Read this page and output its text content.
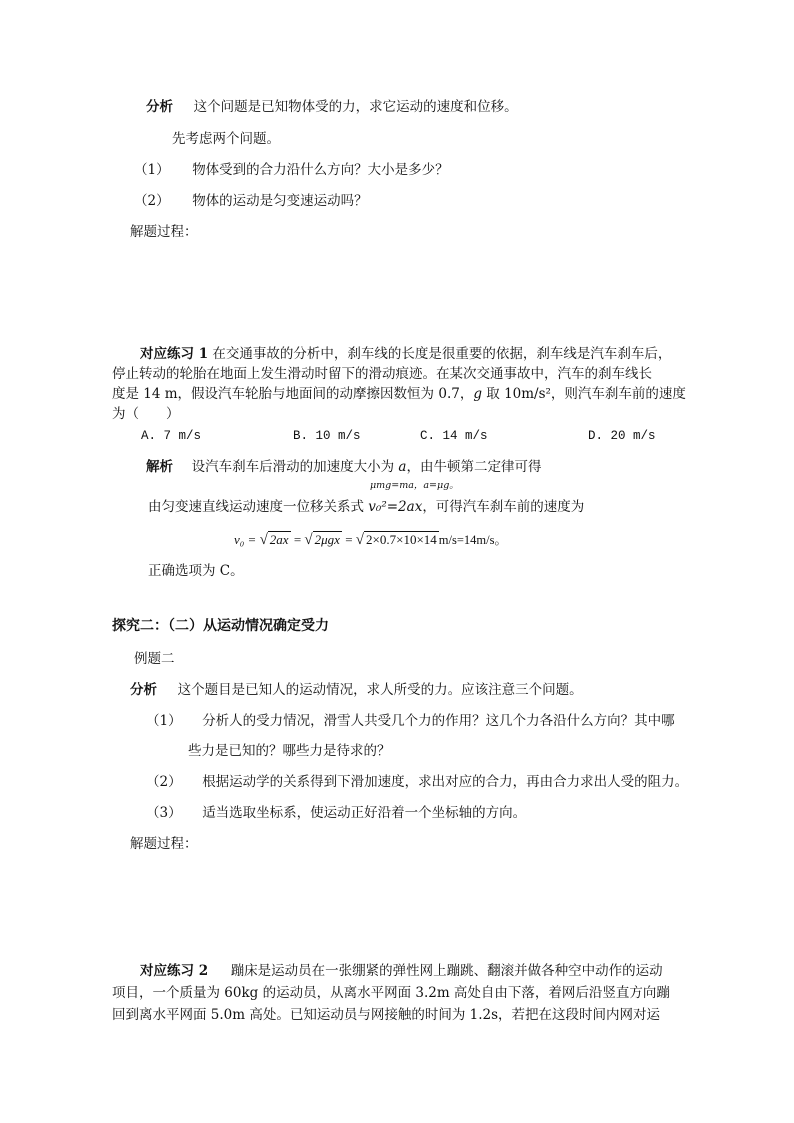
分析 这个问题是已知物体受的力，求它运动的速度和位移。
先考虑两个问题。
（1） 物体受到的合力沿什么方向？大小是多少？
（2） 物体的运动是匀变速运动吗？
解题过程：
对应练习 1 在交通事故的分析中，刹车线的长度是很重要的依据，刹车线是汽车刹车后，
停止转动的轮胎在地面上发生滑动时留下的滑动痕迹。在某次交通事故中，汽车的刹车线长
度是 14 m，假设汽车轮胎与地面间的动摩擦因数恒为 0.7，g 取 10m/s²，则汽车刹车前的速度
为（　　）
A. 7 m/s	B. 10 m/s	C. 14 m/s	D. 20 m/s
解析 设汽车刹车后滑动的加速度大小为 a，由牛顿第二定律可得
μmg=ma，a=μg。
由匀变速直线运动速度一位移关系式 v₀²=2ax，可得汽车刹车前的速度为
v₀ = √ 2ax = √ 2μgx = √ 2×0.7×10×14 m/s=14m/s。
正确选项为 C。
探究二：（二）从运动情况确定受力
例题二
分析 这个题目是已知人的运动情况，求人所受的力。应该注意三个问题。
（1） 分析人的受力情况，滑雪人共受几个力的作用？这几个力各沿什么方向？其中哪
些力是已知的？哪些力是待求的？
（2） 根据运动学的关系得到下滑加速度，求出对应的合力，再由合力求出人受的阻力。
（3） 适当选取坐标系，使运动正好沿着一个坐标轴的方向。
解题过程：
对应练习 2 蹦床是运动员在一张绷紧的弹性网上蹦跳、翻滚并做各种空中动作的运动
项目，一个质量为 60kg 的运动员，从离水平网面 3.2m 高处自由下落，着网后沿竖直方向蹦
回到离水平网面 5.0m 高处。已知运动员与网接触的时间为 1.2s，若把在这段时间内网对运
